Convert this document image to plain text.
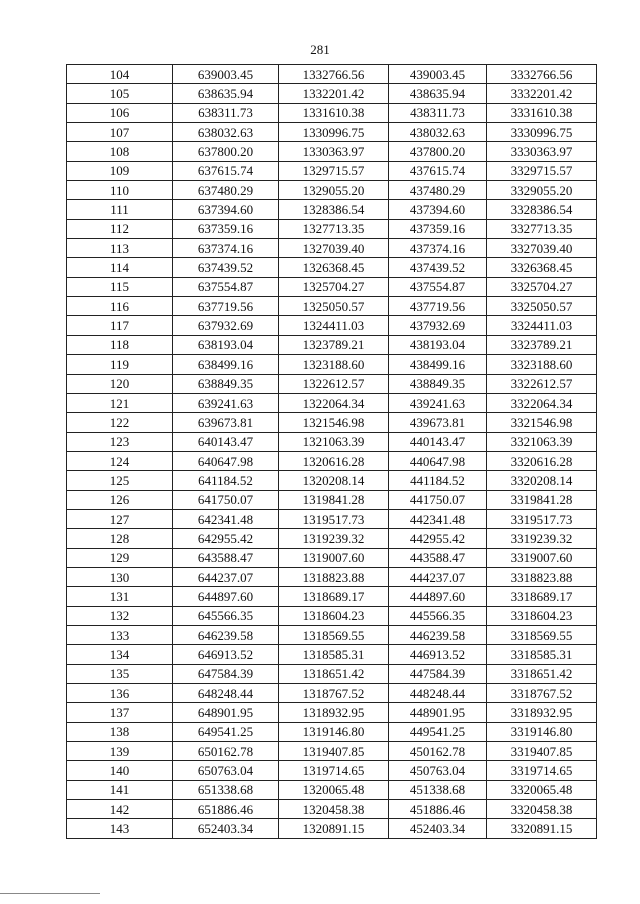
281
104	639003.45	1332766.56	439003.45	3332766.56
105	638635.94	1332201.42	438635.94	3332201.42
106	638311.73	1331610.38	438311.73	3331610.38
107	638032.63	1330996.75	438032.63	3330996.75
108	637800.20	1330363.97	437800.20	3330363.97
109	637615.74	1329715.57	437615.74	3329715.57
110	637480.29	1329055.20	437480.29	3329055.20
111	637394.60	1328386.54	437394.60	3328386.54
112	637359.16	1327713.35	437359.16	3327713.35
113	637374.16	1327039.40	437374.16	3327039.40
114	637439.52	1326368.45	437439.52	3326368.45
115	637554.87	1325704.27	437554.87	3325704.27
116	637719.56	1325050.57	437719.56	3325050.57
117	637932.69	1324411.03	437932.69	3324411.03
118	638193.04	1323789.21	438193.04	3323789.21
119	638499.16	1323188.60	438499.16	3323188.60
120	638849.35	1322612.57	438849.35	3322612.57
121	639241.63	1322064.34	439241.63	3322064.34
122	639673.81	1321546.98	439673.81	3321546.98
123	640143.47	1321063.39	440143.47	3321063.39
124	640647.98	1320616.28	440647.98	3320616.28
125	641184.52	1320208.14	441184.52	3320208.14
126	641750.07	1319841.28	441750.07	3319841.28
127	642341.48	1319517.73	442341.48	3319517.73
128	642955.42	1319239.32	442955.42	3319239.32
129	643588.47	1319007.60	443588.47	3319007.60
130	644237.07	1318823.88	444237.07	3318823.88
131	644897.60	1318689.17	444897.60	3318689.17
132	645566.35	1318604.23	445566.35	3318604.23
133	646239.58	1318569.55	446239.58	3318569.55
134	646913.52	1318585.31	446913.52	3318585.31
135	647584.39	1318651.42	447584.39	3318651.42
136	648248.44	1318767.52	448248.44	3318767.52
137	648901.95	1318932.95	448901.95	3318932.95
138	649541.25	1319146.80	449541.25	3319146.80
139	650162.78	1319407.85	450162.78	3319407.85
140	650763.04	1319714.65	450763.04	3319714.65
141	651338.68	1320065.48	451338.68	3320065.48
142	651886.46	1320458.38	451886.46	3320458.38
143	652403.34	1320891.15	452403.34	3320891.15
